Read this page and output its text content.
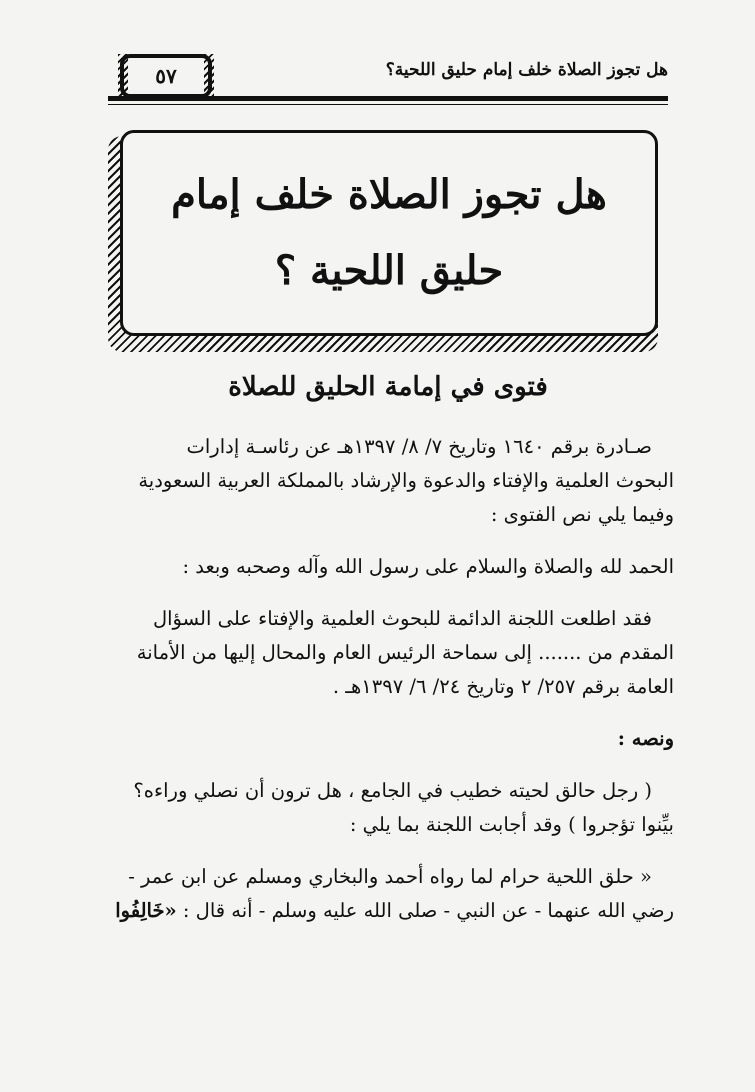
هل تجوز الصلاة خلف إمام حليق اللحية؟
٥٧
هل تجوز الصلاة خلف إمام
حليق اللحية ؟
فتوى في إمامة الحليق للصلاة

صـادرة برقم ١٦٤٠ وتاريخ ٧/ ٨/ ١٣٩٧هـ عن رئاسـة إدارات
البحوث العلمية والإفتاء والدعوة والإرشاد بالمملكة العربية السعودية
وفيما يلي نص الفتوى :

الحمد لله والصلاة والسلام على رسول الله وآله وصحبه وبعد :

فقد اطلعت اللجنة الدائمة للبحوث العلمية والإفتاء على السؤال
المقدم من ....... إلى سماحة الرئيس العام والمحال إليها من الأمانة
العامة برقم ٢٥٧/ ٢ وتاريخ ٢٤/ ٦/ ١٣٩٧هـ .

ونصه :

( رجل حالق لحيته خطيب في الجامع ، هل ترون أن نصلي وراءه؟
بيِّنوا تؤجروا ) وقد أجابت اللجنة بما يلي :

« حلق اللحية حرام لما رواه أحمد والبخاري ومسلم عن ابن عمر -
رضي الله عنهما - عن النبي - صلى الله عليه وسلم - أنه قال : «خَالِفُوا
